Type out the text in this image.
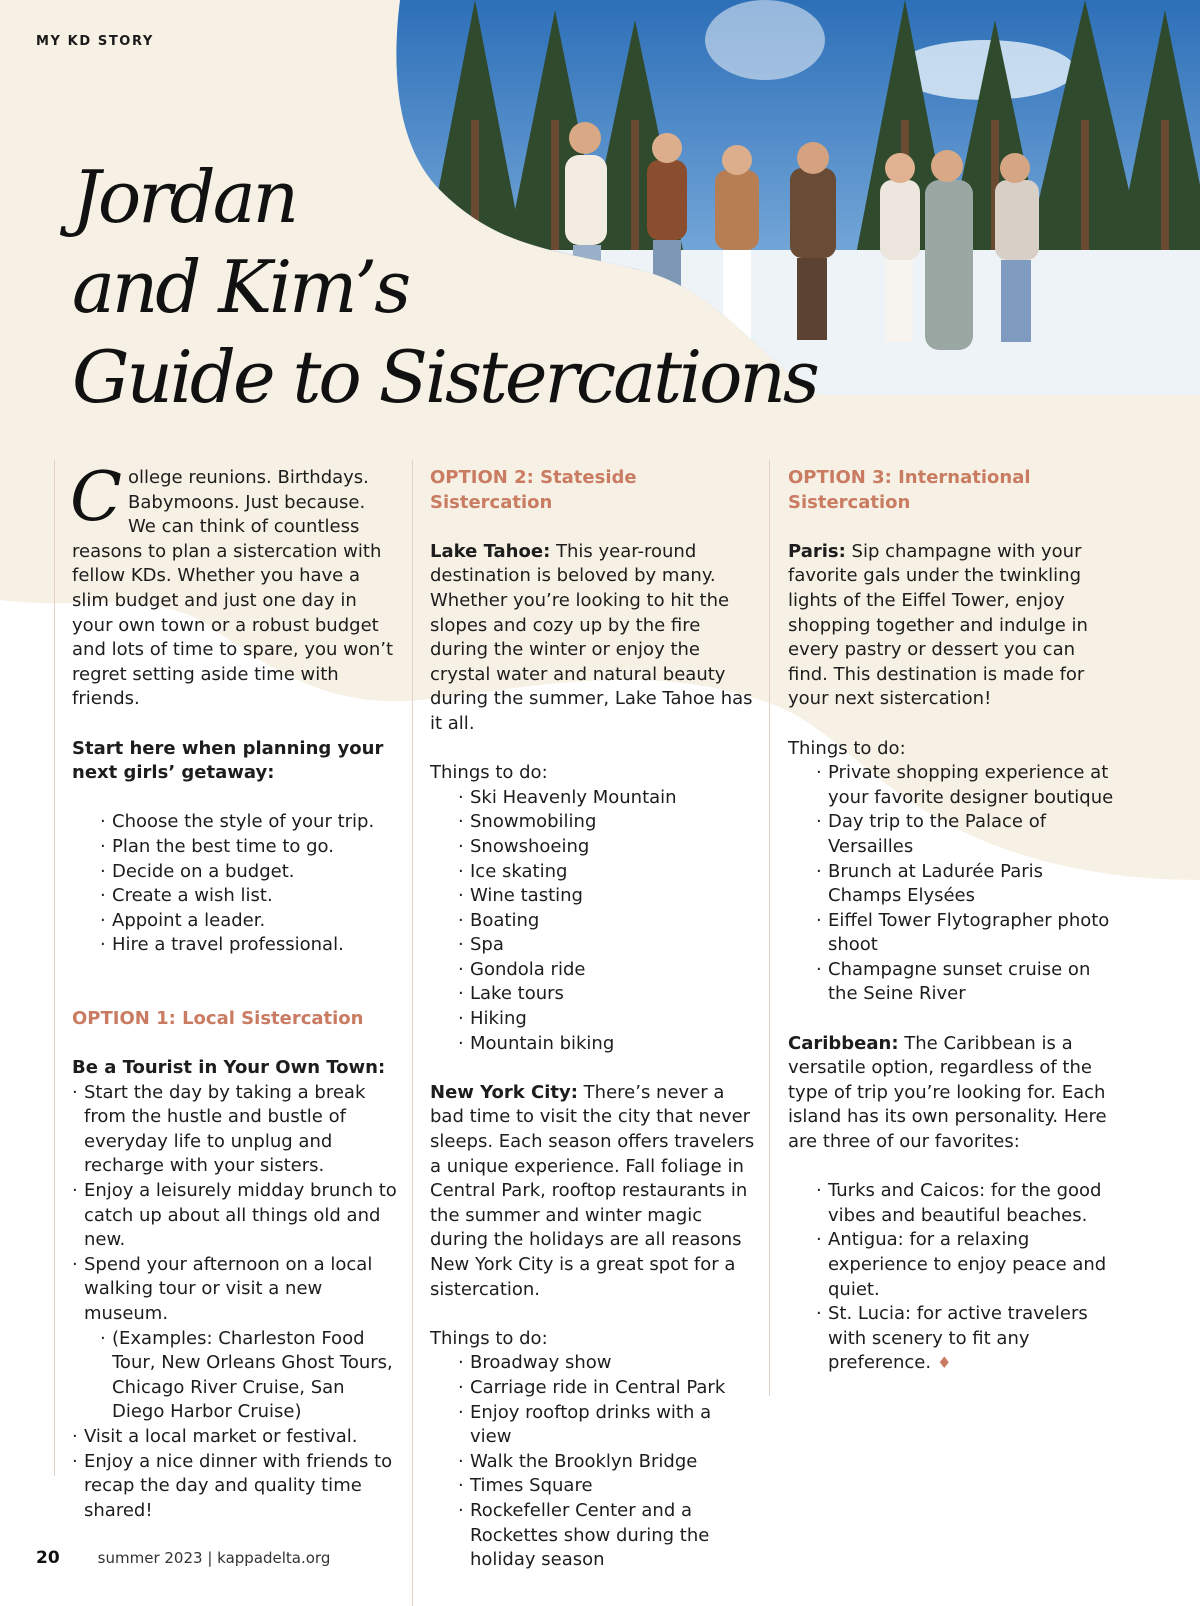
MY KD STORY
Jordan
and Kim’s
Guide to Sistercations

College reunions. Birthdays. Babymoons. Just because. We can think of countless reasons to plan a sistercation with fellow KDs. Whether you have a slim budget and just one day in your own town or a robust budget and lots of time to spare, you won’t regret setting aside time with friends.

Start here when planning your next girls’ getaway:

· Choose the style of your trip.
· Plan the best time to go.
· Decide on a budget.
· Create a wish list.
· Appoint a leader.
· Hire a travel professional.
OPTION 1: Local Sistercation
Be a Tourist in Your Own Town:
· Start the day by taking a break from the hustle and bustle of everyday life to unplug and recharge with your sisters.
· Enjoy a leisurely midday brunch to catch up about all things old and new.
· Spend your afternoon on a local walking tour or visit a new museum.
· (Examples: Charleston Food Tour, New Orleans Ghost Tours, Chicago River Cruise, San Diego Harbor Cruise)
· Visit a local market or festival.
· Enjoy a nice dinner with friends to recap the day and quality time shared!
OPTION 2: Stateside Sistercation

Lake Tahoe: This year-round destination is beloved by many. Whether you’re looking to hit the slopes and cozy up by the fire during the winter or enjoy the crystal water and natural beauty during the summer, Lake Tahoe has it all.

Things to do:
· Ski Heavenly Mountain
· Snowmobiling
· Snowshoeing
· Ice skating
· Wine tasting
· Boating
· Spa
· Gondola ride
· Lake tours
· Hiking
· Mountain biking

New York City: There’s never a bad time to visit the city that never sleeps. Each season offers travelers a unique experience. Fall foliage in Central Park, rooftop restaurants in the summer and winter magic during the holidays are all reasons New York City is a great spot for a sistercation.

Things to do:
· Broadway show
· Carriage ride in Central Park
· Enjoy rooftop drinks with a view
· Walk the Brooklyn Bridge
· Times Square
· Rockefeller Center and a Rockettes show during the holiday season
OPTION 3: International Sistercation

Paris: Sip champagne with your favorite gals under the twinkling lights of the Eiffel Tower, enjoy shopping together and indulge in every pastry or dessert you can find. This destination is made for your next sistercation!

Things to do:
· Private shopping experience at your favorite designer boutique
· Day trip to the Palace of Versailles
· Brunch at Ladurée Paris Champs Elysées
· Eiffel Tower Flytographer photo shoot
· Champagne sunset cruise on the Seine River

Caribbean: The Caribbean is a versatile option, regardless of the type of trip you’re looking for. Each island has its own personality. Here are three of our favorites:

· Turks and Caicos: for the good vibes and beautiful beaches.
· Antigua: for a relaxing experience to enjoy peace and quiet.
· St. Lucia: for active travelers with scenery to fit any preference. ♦
20	summer 2023 | kappadelta.org
